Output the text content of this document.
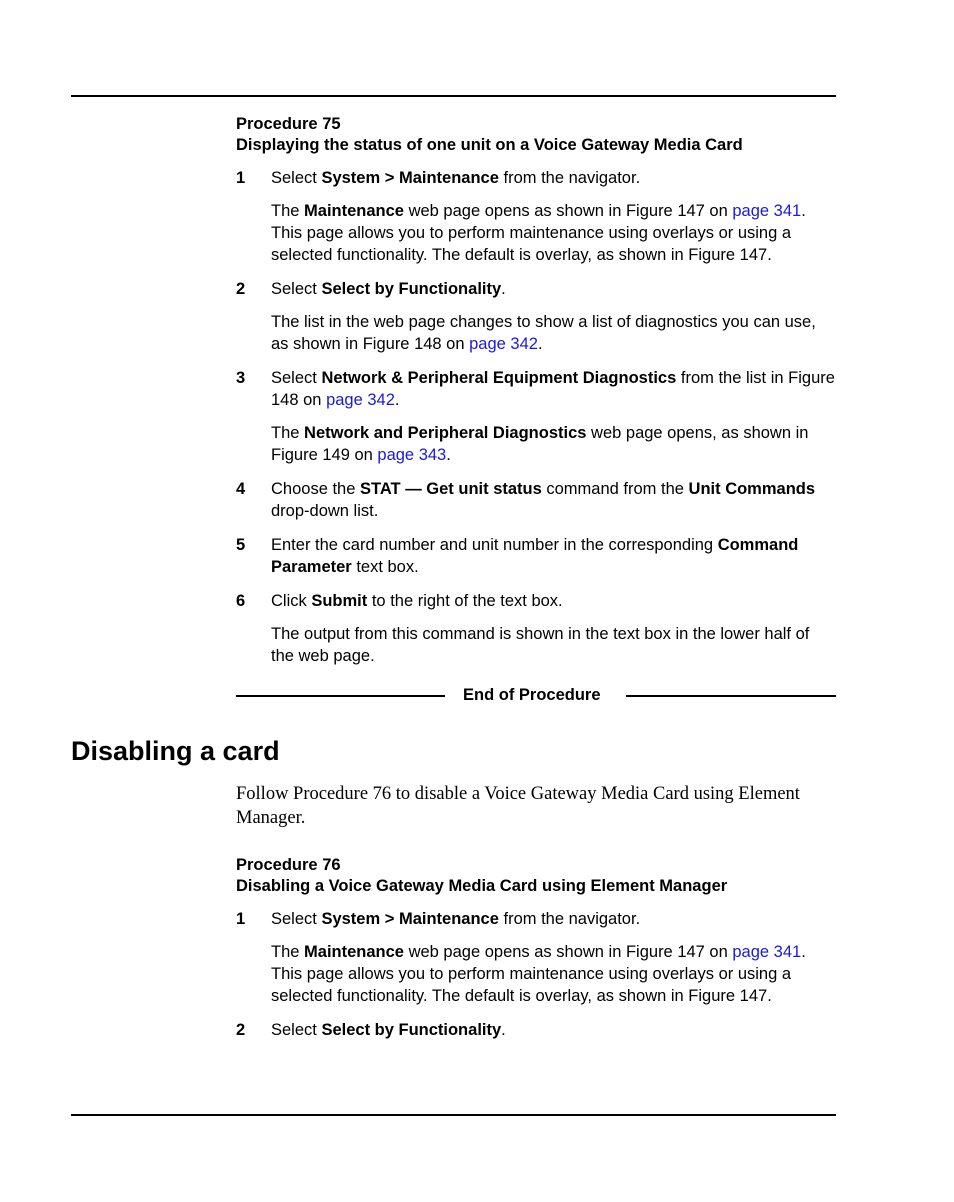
Procedure 75
Displaying the status of one unit on a Voice Gateway Media Card
1 Select System > Maintenance from the navigator.
The Maintenance web page opens as shown in Figure 147 on page 341. This page allows you to perform maintenance using overlays or using a selected functionality. The default is overlay, as shown in Figure 147.
2 Select Select by Functionality.
The list in the web page changes to show a list of diagnostics you can use, as shown in Figure 148 on page 342.
3 Select Network & Peripheral Equipment Diagnostics from the list in Figure 148 on page 342.
The Network and Peripheral Diagnostics web page opens, as shown in Figure 149 on page 343.
4 Choose the STAT — Get unit status command from the Unit Commands drop-down list.
5 Enter the card number and unit number in the corresponding Command Parameter text box.
6 Click Submit to the right of the text box.
The output from this command is shown in the text box in the lower half of the web page.
End of Procedure
Disabling a card
Follow Procedure 76 to disable a Voice Gateway Media Card using Element Manager.
Procedure 76
Disabling a Voice Gateway Media Card using Element Manager
1 Select System > Maintenance from the navigator.
The Maintenance web page opens as shown in Figure 147 on page 341. This page allows you to perform maintenance using overlays or using a selected functionality. The default is overlay, as shown in Figure 147.
2 Select Select by Functionality.
